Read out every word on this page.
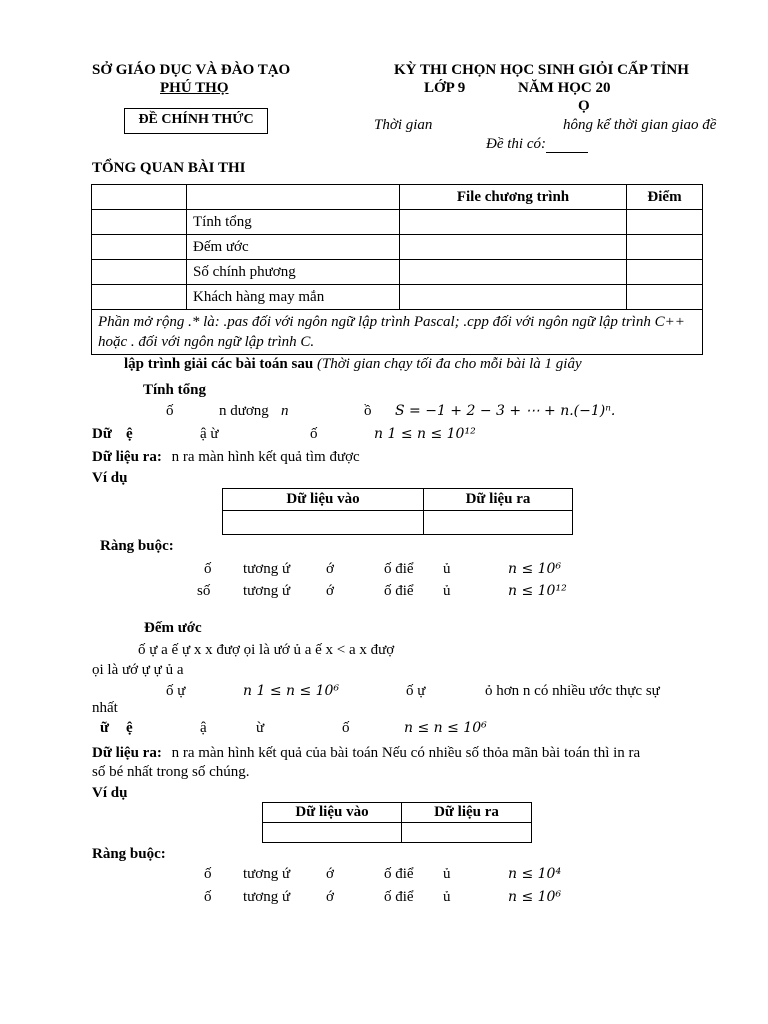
SỞ GIÁO DỤC VÀ ĐÀO TẠO
PHÚ THỌ
ĐỀ CHÍNH THỨC
KỲ THI CHỌN HỌC SINH GIỎI CẤP TỈNH
LỚP 9	NĂM HỌC 20
Ọ
Thời gian	hông kể thời gian giao đề
Đề thi có:
TỔNG QUAN BÀI THI
		File chương trình	Điểm
	Tính tổng		
	Đếm ước		
	Số chính phương		
	Khách hàng may mắn		
Phần mở rộng .* là: .pas đối với ngôn ngữ lập trình Pascal; .cpp đối với ngôn ngữ lập trình C++ hoặc . đối với ngôn ngữ lập trình C.			
lập trình giải các bài toán sau (Thời gian chạy tối đa cho mỗi bài là 1 giây
Tính tổng
ố	n dương n	ồ S = −1 + 2 − 3 + ⋯ + n.(−1)ⁿ.
Dữ ệ	ậ ừ	ố	n 1 ≤ n ≤ 10¹²
Dữ liệu ra: n ra màn hình kết quả tìm được
Ví dụ
Dữ liệu vào	Dữ liệu ra

Ràng buộc:
ố tương ứ ớ	ố điể ủ	n ≤ 10⁶
số tương ứ ớ	ố điể ủ	n ≤ 10¹²
Đếm ước
ố ự a ế ự x x đượ ọi là ướ ủ a ế x < a x đượ
ọi là ướ ự ự ủ a
ố ự	n 1 ≤ n ≤ 10⁶	ố ự	ỏ hơn n có nhiều ước thực sự
nhất
ữ ệ	ậ	ừ	ố	n ≤ n ≤ 10⁶
Dữ liệu ra: n ra màn hình kết quả của bài toán Nếu có nhiều số thỏa mãn bài toán thì in ra
số bé nhất trong số chúng.
Ví dụ
Dữ liệu vào	Dữ liệu ra

Ràng buộc:
ố tương ứ ớ	ố điể ủ	n ≤ 10⁴
ố tương ứ ớ	ố điể ủ	n ≤ 10⁶
